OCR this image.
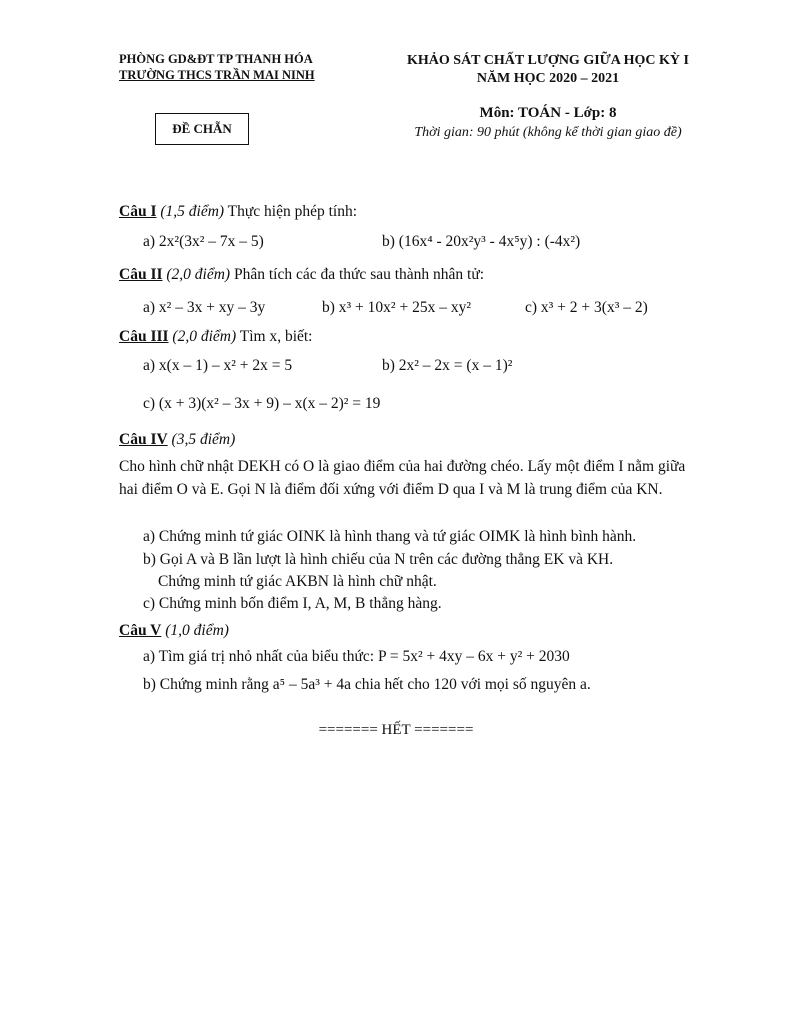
PHÒNG GD&ĐT TP THANH HÓA
TRƯỜNG THCS TRẦN MAI NINH
ĐỀ CHẴN
KHẢO SÁT CHẤT LƯỢNG GIỮA HỌC KỲ I
NĂM HỌC 2020 – 2021
Môn: TOÁN - Lớp: 8
Thời gian: 90 phút (không kể thời gian giao đề)
Câu I (1,5 điểm) Thực hiện phép tính:
a) 2x²(3x² – 7x – 5)	b) (16x⁴ - 20x²y³ - 4x⁵y) : (-4x²)
Câu II (2,0 điểm) Phân tích các đa thức sau thành nhân tử:
a) x² – 3x + xy – 3y	b) x³ + 10x² + 25x – xy²	c) x³ + 2 + 3(x³ – 2)
Câu III (2,0 điểm) Tìm x, biết:
a) x(x – 1) – x² + 2x = 5	b) 2x² – 2x = (x – 1)²
c) (x + 3)(x² – 3x + 9) – x(x – 2)² = 19
Câu IV (3,5 điểm)
Cho hình chữ nhật DEKH có O là giao điểm của hai đường chéo. Lấy một điểm I nằm giữa hai điểm O và E. Gọi N là điểm đối xứng với điểm D qua I và M là trung điểm của KN.
a) Chứng minh tứ giác OINK là hình thang và tứ giác OIMK là hình bình hành.
b) Gọi A và B lần lượt là hình chiếu của N trên các đường thẳng EK và KH.
Chứng minh tứ giác AKBN là hình chữ nhật.
c) Chứng minh bốn điểm I, A, M, B thẳng hàng.
Câu V (1,0 điểm)
a) Tìm giá trị nhỏ nhất của biểu thức: P = 5x² + 4xy – 6x + y² + 2030
b) Chứng minh rằng a⁵ – 5a³ + 4a chia hết cho 120 với mọi số nguyên a.
======= HẾT =======
